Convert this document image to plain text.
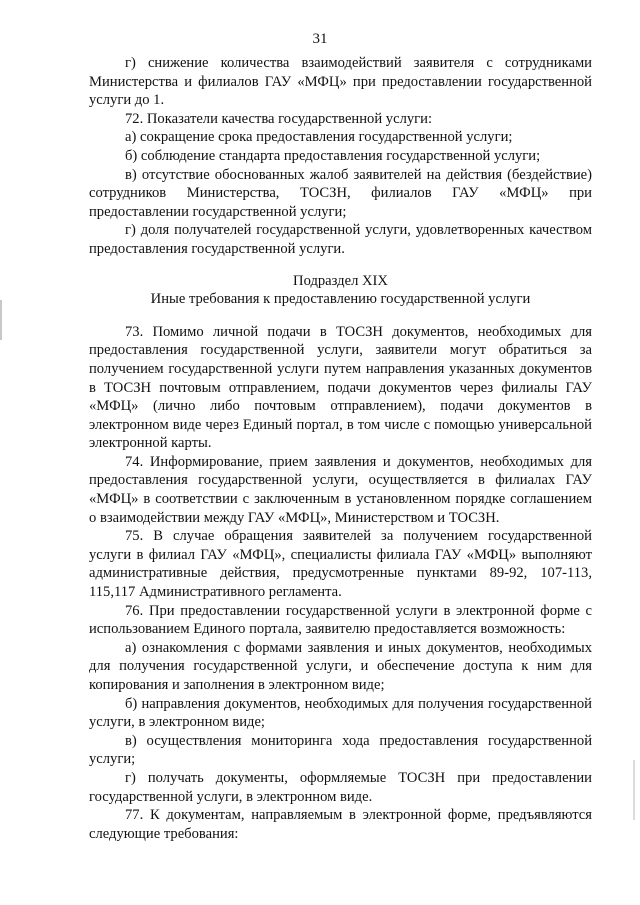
31

г) снижение количества взаимодействий заявителя с сотрудниками Министерства и филиалов ГАУ «МФЦ» при предоставлении государственной услуги до 1.

72. Показатели качества государственной услуги:

а) сокращение срока предоставления государственной услуги;

б) соблюдение стандарта предоставления государственной услуги;

в) отсутствие обоснованных жалоб заявителей на действия (бездействие) сотрудников Министерства, ТОСЗН, филиалов ГАУ «МФЦ» при предоставлении государственной услуги;

г) доля получателей государственной услуги, удовлетворенных качеством предоставления государственной услуги.

Подраздел XIX

Иные требования к предоставлению государственной услуги

73. Помимо личной подачи в ТОСЗН документов, необходимых для предоставления государственной услуги, заявители могут обратиться за получением государственной услуги путем направления указанных документов в ТОСЗН почтовым отправлением, подачи документов через филиалы ГАУ «МФЦ» (лично либо почтовым отправлением), подачи документов в электронном виде через Единый портал, в том числе с помощью универсальной электронной карты.

74. Информирование, прием заявления и документов, необходимых для предоставления государственной услуги, осуществляется в филиалах ГАУ «МФЦ» в соответствии с заключенным в установленном порядке соглашением о взаимодействии между ГАУ «МФЦ», Министерством и ТОСЗН.

75. В случае обращения заявителей за получением государственной услуги в филиал ГАУ «МФЦ», специалисты филиала ГАУ «МФЦ» выполняют административные действия, предусмотренные пунктами 89-92, 107-113, 115,117 Административного регламента.

76. При предоставлении государственной услуги в электронной форме с использованием Единого портала, заявителю предоставляется возможность:

а) ознакомления с формами заявления и иных документов, необходимых для получения государственной услуги, и обеспечение доступа к ним для копирования и заполнения в электронном виде;

б) направления документов, необходимых для получения государственной услуги, в электронном виде;

в) осуществления мониторинга хода предоставления государственной услуги;

г) получать документы, оформляемые ТОСЗН при предоставлении государственной услуги, в электронном виде.

77. К документам, направляемым в электронной форме, предъявляются следующие требования:
